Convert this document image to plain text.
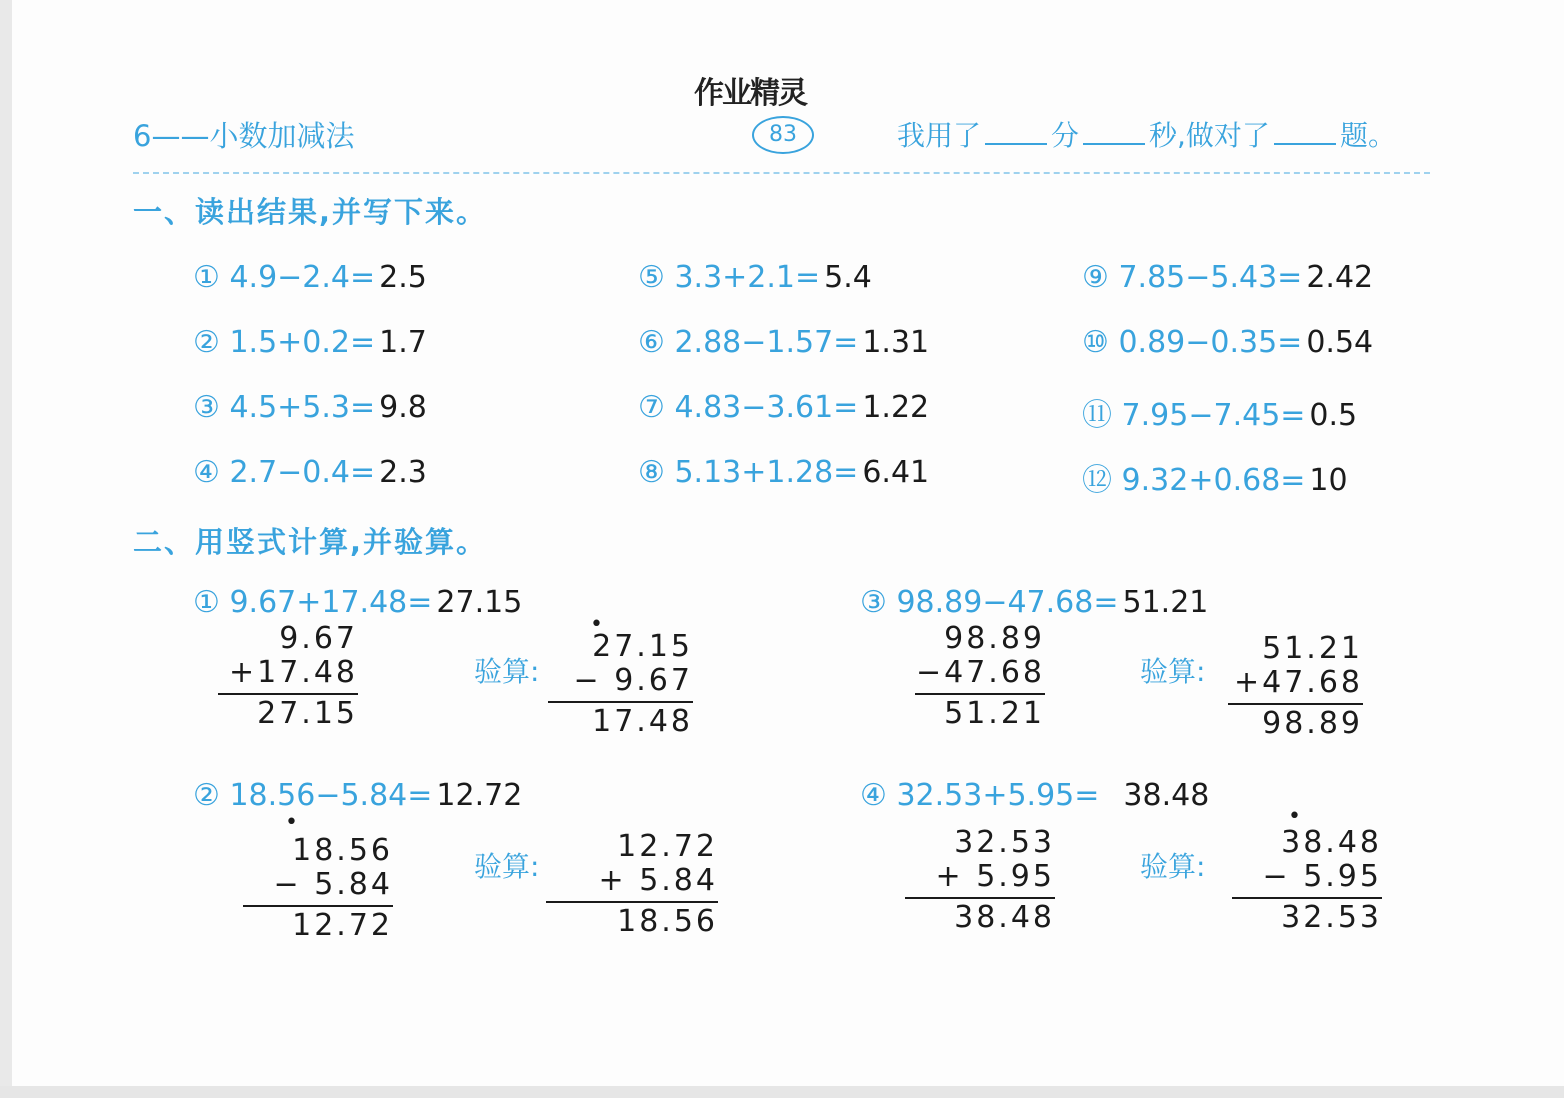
作业精灵
6——小数加减法	83	我用了	分	秒,做对了	题。
一、读出结果,并写下来。
① 4.9−2.4= 2.5
② 1.5+0.2= 1.7
③ 4.5+5.3= 9.8
④ 2.7−0.4= 2.3
⑤ 3.3+2.1= 5.4
⑥ 2.88−1.57= 1.31
⑦ 4.83−3.61= 1.22
⑧ 5.13+1.28= 6.41
⑨ 7.85−5.43= 2.42
⑩ 0.89−0.35= 0.54
⑪ 7.95−7.45= 0.5
⑫ 9.32+0.68= 10
二、用竖式计算,并验算。
① 9.67+17.48= 27.15
9.67
+17.48
27.15
验算:
•
27.15
− 9.67
17.48
② 18.56−5.84= 12.72
•
18.56
− 5.84
12.72
验算:
12.72
+ 5.84
18.56
③ 98.89−47.68= 51.21
98.89
−47.68
51.21
验算:
51.21
+47.68
98.89
④ 32.53+5.95= 38.48
32.53
+ 5.95
38.48
验算:
•
38.48
− 5.95
32.53
